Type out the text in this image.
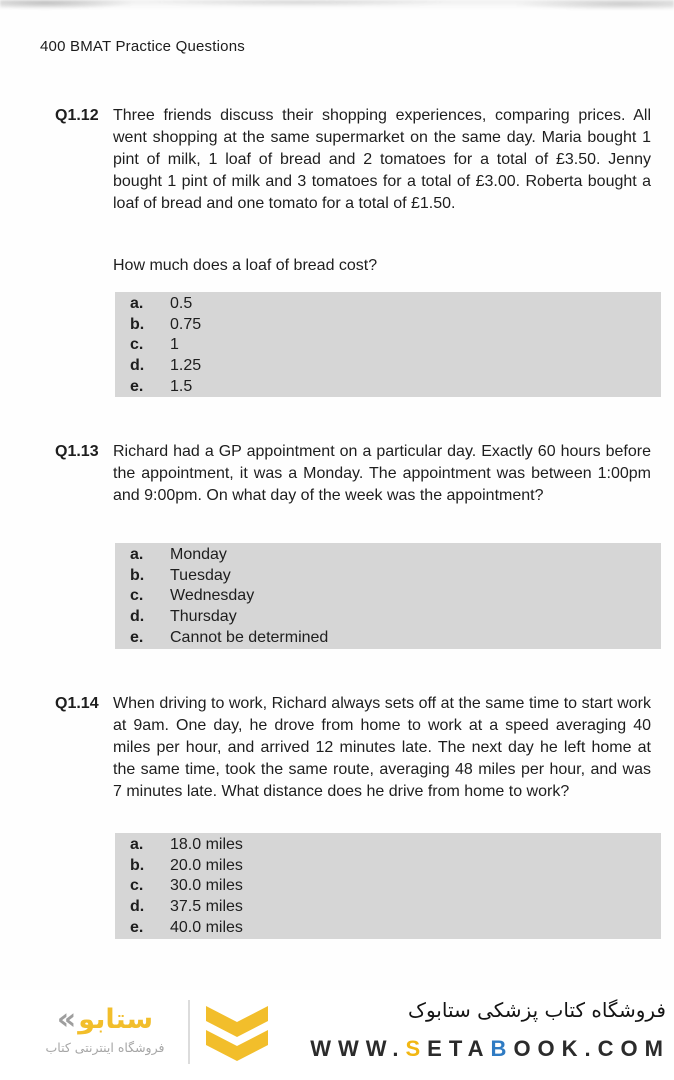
400 BMAT Practice Questions
Q1.12 Three friends discuss their shopping experiences, comparing prices. All went shopping at the same supermarket on the same day. Maria bought 1 pint of milk, 1 loaf of bread and 2 tomatoes for a total of £3.50. Jenny bought 1 pint of milk and 3 tomatoes for a total of £3.00. Roberta bought a loaf of bread and one tomato for a total of £1.50.
How much does a loaf of bread cost?
a.	0.5
b.	0.75
c.	1
d.	1.25
e.	1.5
Q1.13 Richard had a GP appointment on a particular day. Exactly 60 hours before the appointment, it was a Monday. The appointment was between 1:00pm and 9:00pm. On what day of the week was the appointment?
a.	Monday
b.	Tuesday
c.	Wednesday
d.	Thursday
e.	Cannot be determined
Q1.14 When driving to work, Richard always sets off at the same time to start work at 9am. One day, he drove from home to work at a speed averaging 40 miles per hour, and arrived 12 minutes late. The next day he left home at the same time, took the same route, averaging 48 miles per hour, and was 7 minutes late. What distance does he drive from home to work?
a.	18.0 miles
b.	20.0 miles
c.	30.0 miles
d.	37.5 miles
e.	40.0 miles
« ستابو
فروشگاه اینترنتی کتاب
فروشگاه کتاب پزشکی ستابوک
WWW.SETABOOK.COM
